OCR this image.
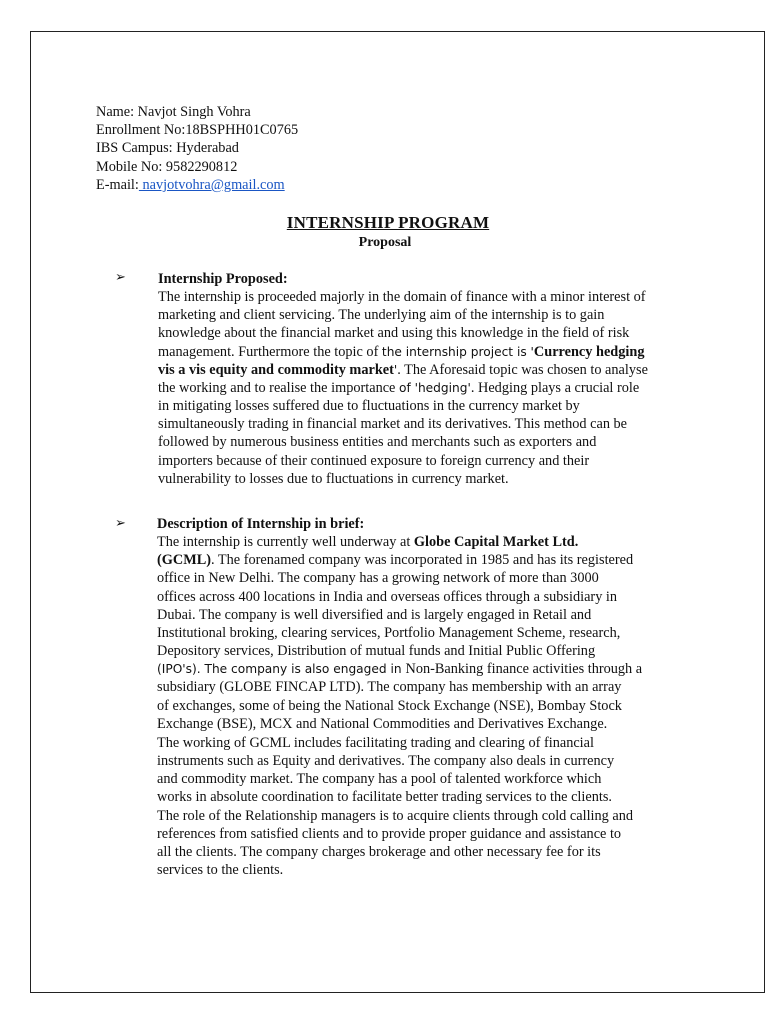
Name: Navjot Singh Vohra
Enrollment No:18BSPHH01C0765
IBS Campus: Hyderabad
Mobile No: 9582290812
E-mail: navjotvohra@gmail.com
INTERNSHIP PROGRAM
Proposal
➢ Internship Proposed:
The internship is proceeded majorly in the domain of finance with a minor interest of
marketing and client servicing. The underlying aim of the internship is to gain
knowledge about the financial market and using this knowledge in the field of risk
management. Furthermore the topic of the internship project is 'Currency hedging
vis a vis equity and commodity market'. The Aforesaid topic was chosen to analyse
the working and to realise the importance of 'hedging'. Hedging plays a crucial role
in mitigating losses suffered due to fluctuations in the currency market by
simultaneously trading in financial market and its derivatives. This method can be
followed by numerous business entities and merchants such as exporters and
importers because of their continued exposure to foreign currency and their
vulnerability to losses due to fluctuations in currency market.
➢ Description of Internship in brief:
The internship is currently well underway at Globe Capital Market Ltd.
(GCML). The forenamed company was incorporated in 1985 and has its registered
office in New Delhi. The company has a growing network of more than 3000
offices across 400 locations in India and overseas offices through a subsidiary in
Dubai. The company is well diversified and is largely engaged in Retail and
Institutional broking, clearing services, Portfolio Management Scheme, research,
Depository services, Distribution of mutual funds and Initial Public Offering
(IPO's). The company is also engaged in Non-Banking finance activities through a
subsidiary (GLOBE FINCAP LTD). The company has membership with an array
of exchanges, some of being the National Stock Exchange (NSE), Bombay Stock
Exchange (BSE), MCX and National Commodities and Derivatives Exchange.
The working of GCML includes facilitating trading and clearing of financial
instruments such as Equity and derivatives. The company also deals in currency
and commodity market. The company has a pool of talented workforce which
works in absolute coordination to facilitate better trading services to the clients.
The role of the Relationship managers is to acquire clients through cold calling and
references from satisfied clients and to provide proper guidance and assistance to
all the clients. The company charges brokerage and other necessary fee for its
services to the clients.
